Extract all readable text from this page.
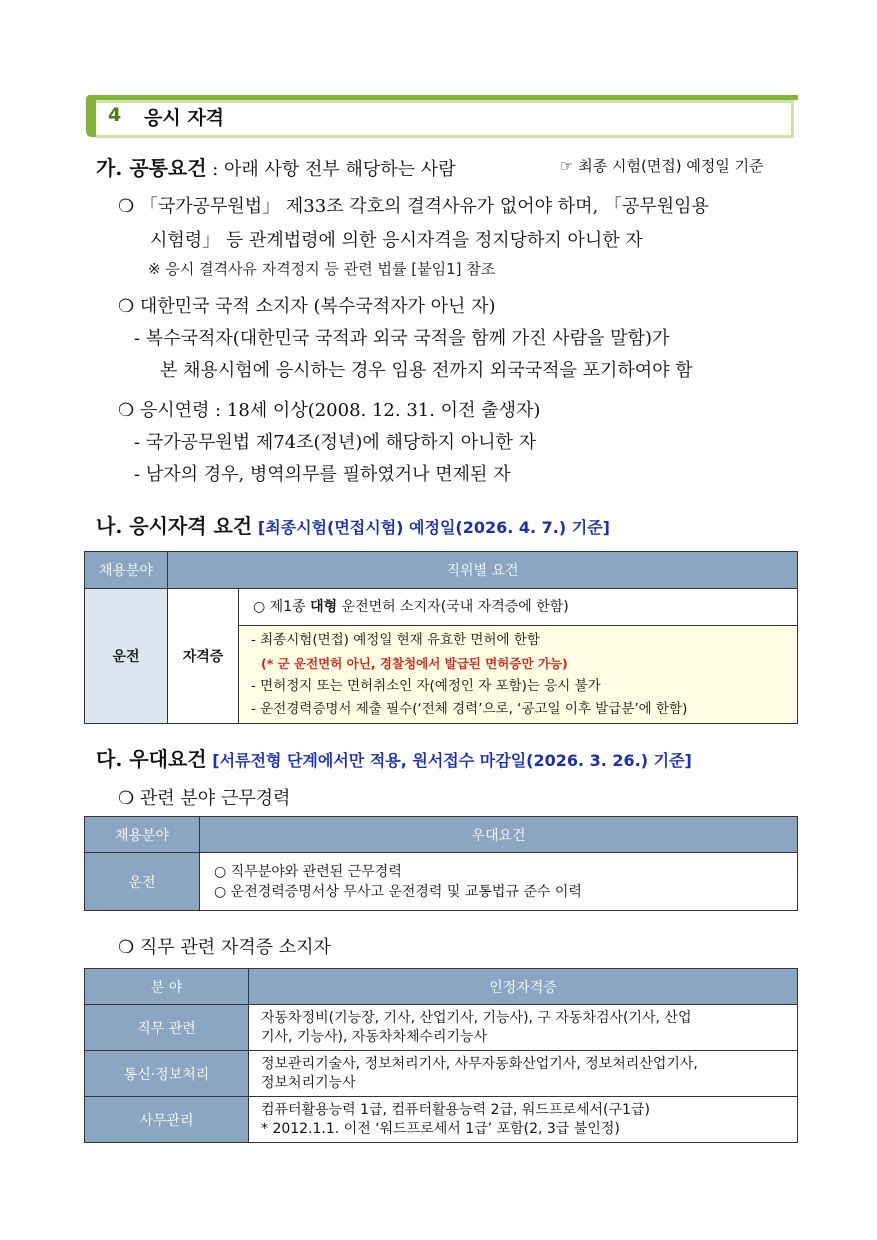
4 응시 자격
가. 공통요건 : 아래 사항 전부 해당하는 사람	☞ 최종 시험(면접) 예정일 기준
❍ 「국가공무원법」 제33조 각호의 결격사유가 없어야 하며, 「공무원임용
시험령」 등 관계법령에 의한 응시자격을 정지당하지 아니한 자
※ 응시 결격사유 자격정지 등 관련 법률 [붙임1] 참조
❍ 대한민국 국적 소지자 (복수국적자가 아닌 자)
- 복수국적자(대한민국 국적과 외국 국적을 함께 가진 사람을 말함)가
본 채용시험에 응시하는 경우 임용 전까지 외국국적을 포기하여야 함
❍ 응시연령 : 18세 이상(2008. 12. 31. 이전 출생자)
- 국가공무원법 제74조(정년)에 해당하지 아니한 자
- 남자의 경우, 병역의무를 필하였거나 면제된 자
나. 응시자격 요건 [최종시험(면접시험) 예정일(2026. 4. 7.) 기준]
채용분야	직위별 요건	
운전	자격증	○ 제1종 대형 운전면허 소지자(국내 자격증에 한함)

		- 최종시험(면접) 예정일 현재 유효한 면허에 한함
(* 군 운전면허 아닌, 경찰청에서 발급된 면허증만 가능)
- 면허정지 또는 면허취소인 자(예정인 자 포함)는 응시 불가
- 운전경력증명서 제출 필수(‘전체 경력’으로, ‘공고일 이후 발급분’에 한함)
다. 우대요건 [서류전형 단계에서만 적용, 원서접수 마감일(2026. 3. 26.) 기준]
❍ 관련 분야 근무경력
채용분야	우대요건
운전	○ 직무분야와 관련된 근무경력
○ 운전경력증명서상 무사고 운전경력 및 교통법규 준수 이력
❍ 직무 관련 자격증 소지자
분 야	인정자격증
직무 관련	자동차정비(기능장, 기사, 산업기사, 기능사), 구 자동차검사(기사, 산업
기사, 기능사), 자동차차체수리기능사

통신·정보처리	정보관리기술사, 정보처리기사, 사무자동화산업기사, 정보처리산업기사,
정보처리기능사

사무관리	컴퓨터활용능력 1급, 컴퓨터활용능력 2급, 워드프로세서(구1급)
* 2012.1.1. 이전 ‘워드프로세서 1급’ 포함(2, 3급 불인정)
